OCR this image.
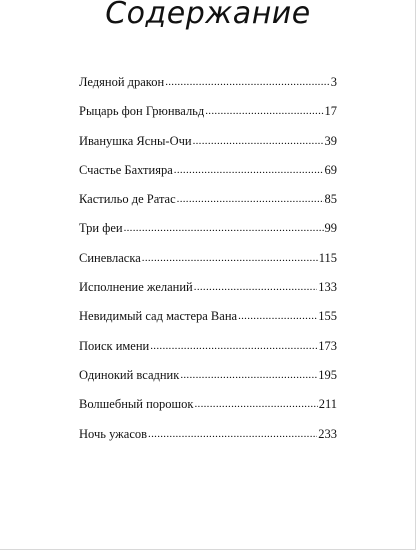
Содержание
Ледяной дракон .....	3
Рыцарь фон Грюнвальд .....	17
Иванушка Ясны-Очи .....	39
Счастье Бахтияра .....	69
Кастильо де Ратас .....	85
Три феи .....	99
Синевласка .....	115
Исполнение желаний .....	133
Невидимый сад мастера Вана .....	155
Поиск имени .....	173
Одинокий всадник .....	195
Волшебный порошок .....	211
Ночь ужасов .....	233
